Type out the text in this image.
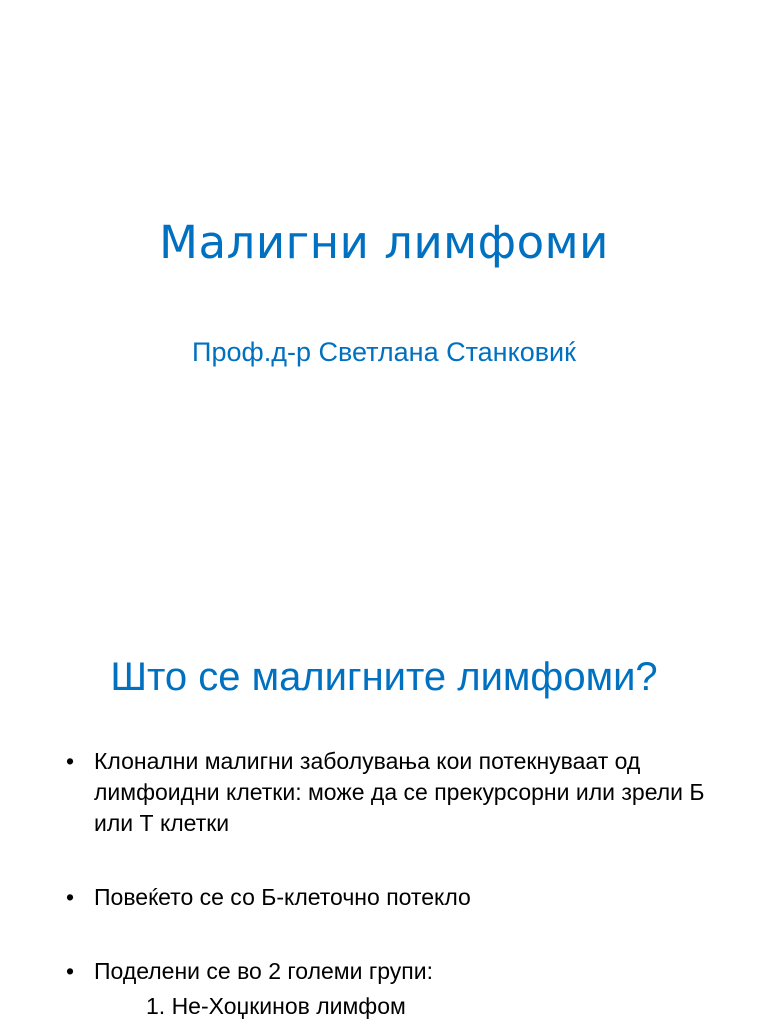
Малигни лимфоми
Проф.д-р Светлана Станковиќ
Што се малигните лимфоми?
• Клонални малигни заболувања кои потекнуваат од лимфоидни клетки: може да се прекурсорни или зрели Б или Т клетки
• Повеќето се со Б-клеточно потекло
• Поделени се во 2 големи групи:
1. Не-Хоџкинов лимфом
